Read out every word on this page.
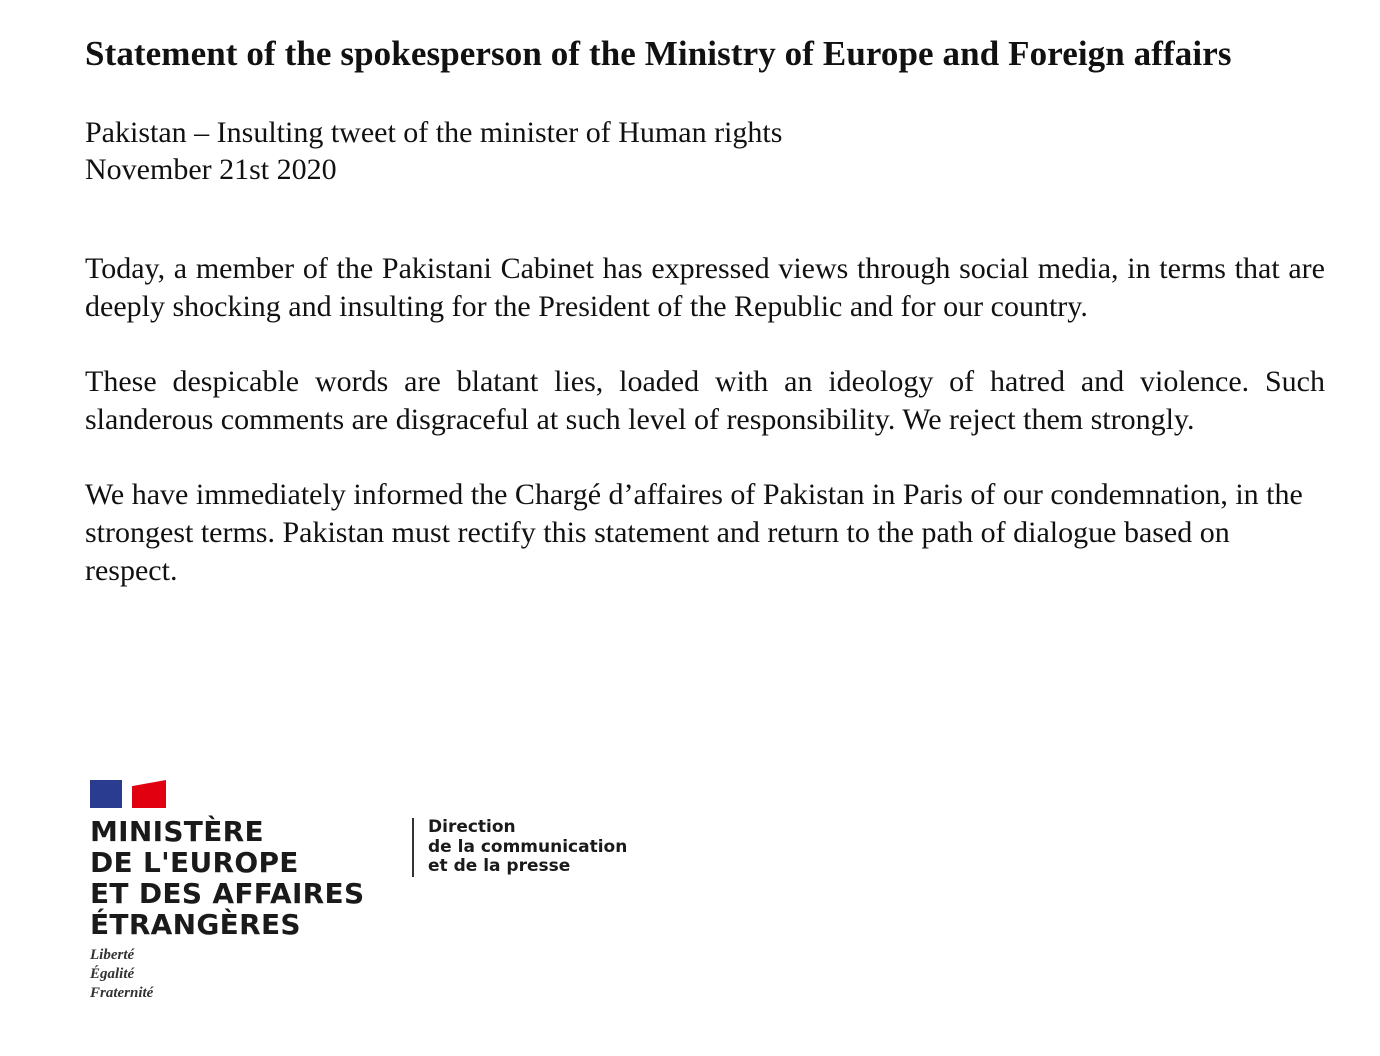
Statement of the spokesperson of the Ministry of Europe and Foreign affairs
Pakistan – Insulting tweet of the minister of Human rights
November 21st 2020

Today, a member of the Pakistani Cabinet has expressed views through social media, in terms that are deeply shocking and insulting for the President of the Republic and for our country.

These despicable words are blatant lies, loaded with an ideology of hatred and violence. Such slanderous comments are disgraceful at such level of responsibility. We reject them strongly.

We have immediately informed the Chargé d’affaires of Pakistan in Paris of our condemnation, in the strongest terms. Pakistan must rectify this statement and return to the path of dialogue based on respect.

MINISTÈRE
DE L'EUROPE
ET DES AFFAIRES
ÉTRANGÈRES
Liberté
Égalité
Fraternité
Direction
de la communication
et de la presse
